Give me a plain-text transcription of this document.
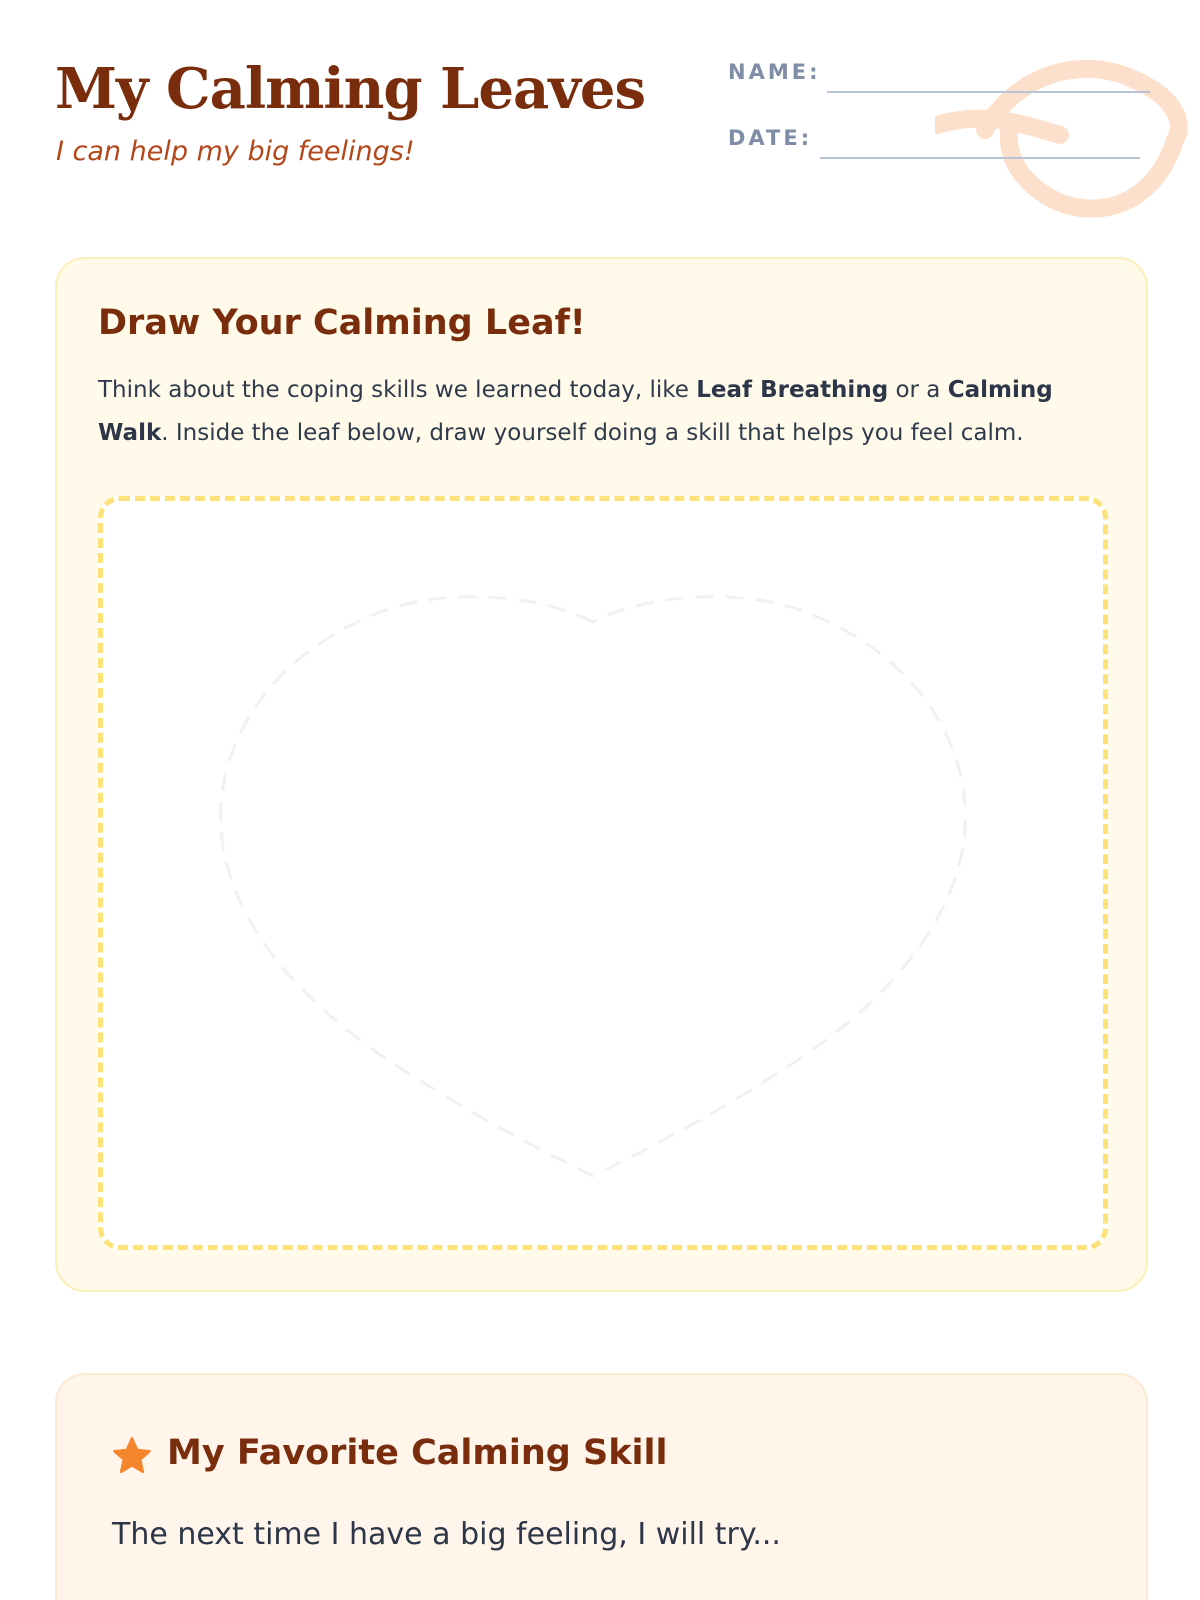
My Calming Leaves
I can help my big feelings!
NAME:
DATE:
Draw Your Calming Leaf!

Think about the coping skills we learned today, like Leaf Breathing or a Calming Walk. Inside the leaf below, draw yourself doing a skill that helps you feel calm.

My Favorite Calming Skill

The next time I have a big feeling, I will try...
